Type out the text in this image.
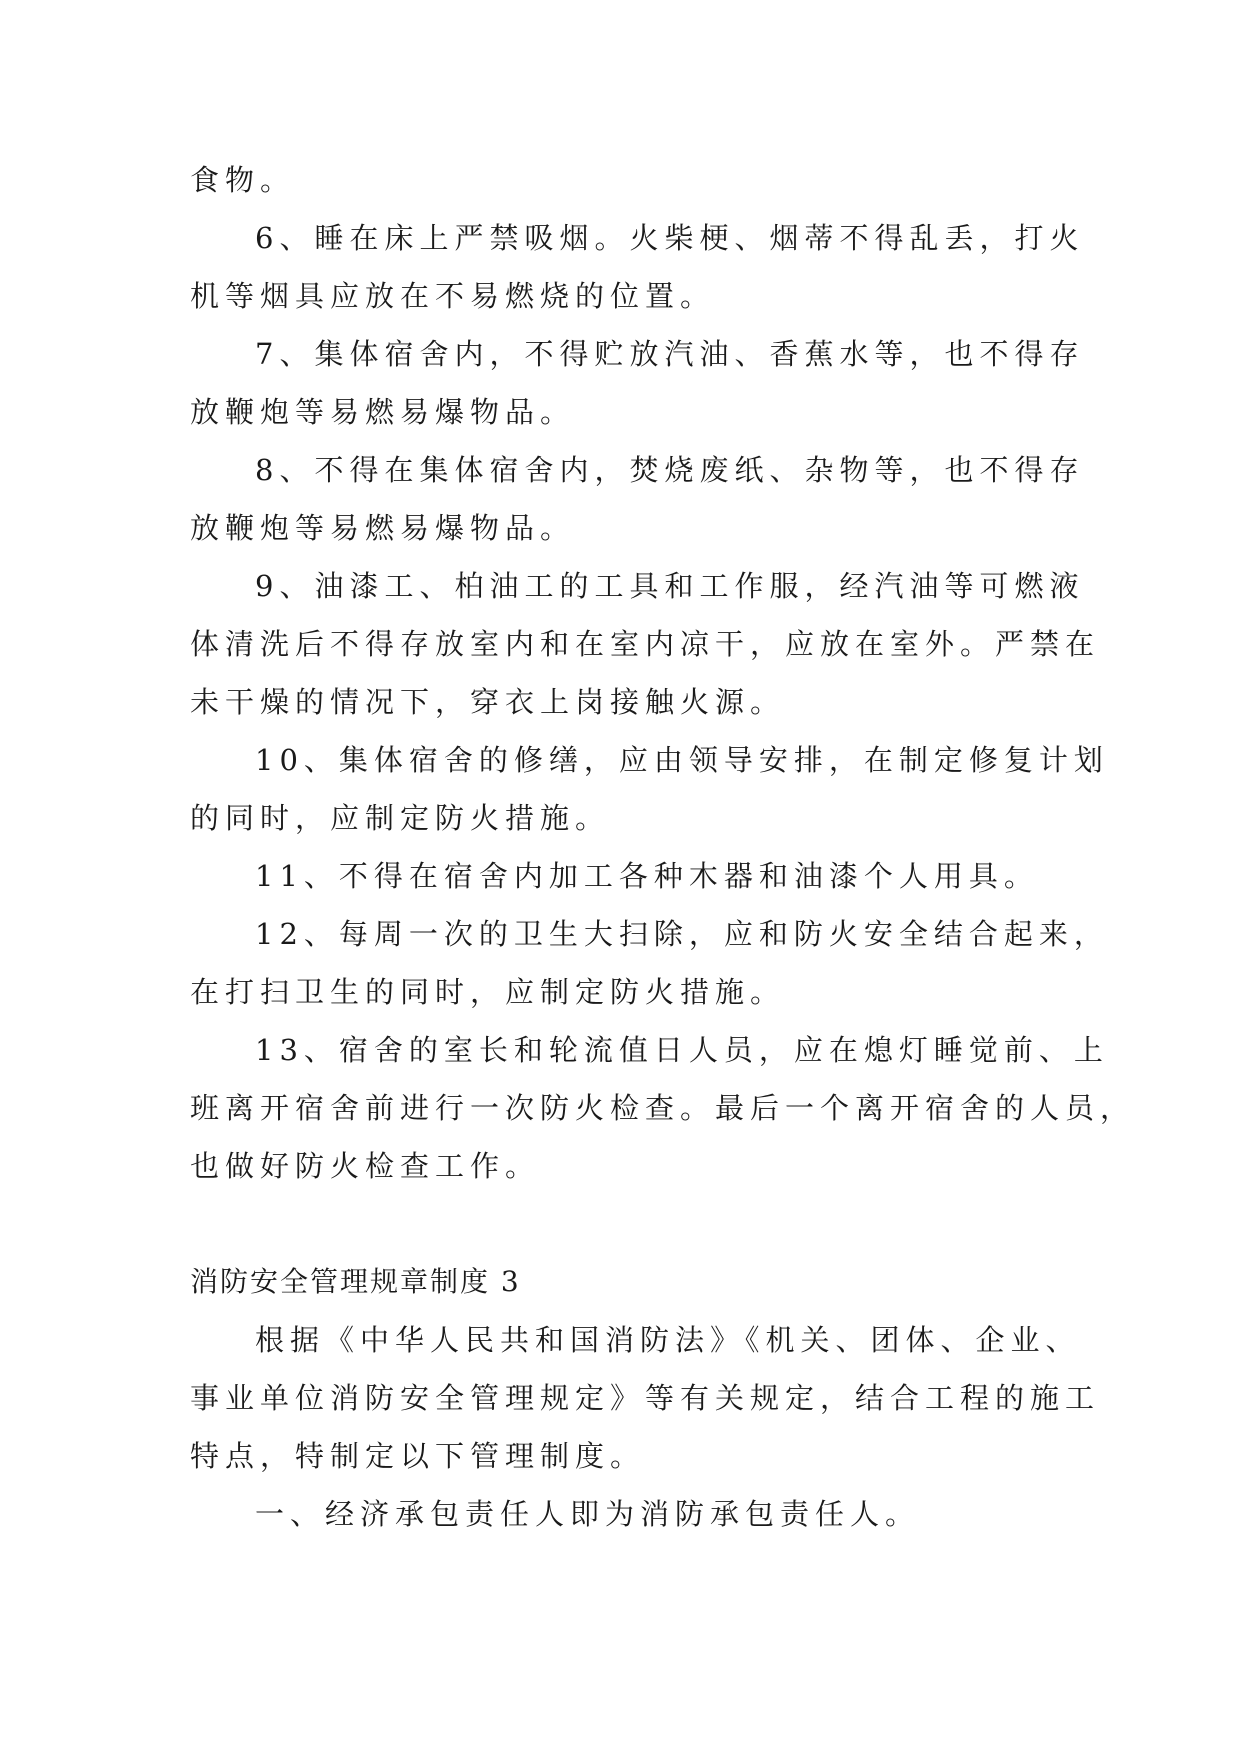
食物。
6、睡在床上严禁吸烟。火柴梗、烟蒂不得乱丢，打火
机等烟具应放在不易燃烧的位置。
7、集体宿舍内，不得贮放汽油、香蕉水等，也不得存
放鞭炮等易燃易爆物品。
8、不得在集体宿舍内，焚烧废纸、杂物等，也不得存
放鞭炮等易燃易爆物品。
9、油漆工、柏油工的工具和工作服，经汽油等可燃液
体清洗后不得存放室内和在室内凉干，应放在室外。严禁在
未干燥的情况下，穿衣上岗接触火源。
10、集体宿舍的修缮，应由领导安排，在制定修复计划
的同时，应制定防火措施。
11、不得在宿舍内加工各种木器和油漆个人用具。
12、每周一次的卫生大扫除，应和防火安全结合起来，
在打扫卫生的同时，应制定防火措施。
13、宿舍的室长和轮流值日人员，应在熄灯睡觉前、上
班离开宿舍前进行一次防火检查。最后一个离开宿舍的人员，
也做好防火检查工作。
消防安全管理规章制度 3
根据《中华人民共和国消防法》《机关、团体、企业、
事业单位消防安全管理规定》等有关规定，结合工程的施工
特点，特制定以下管理制度。
一、经济承包责任人即为消防承包责任人。
